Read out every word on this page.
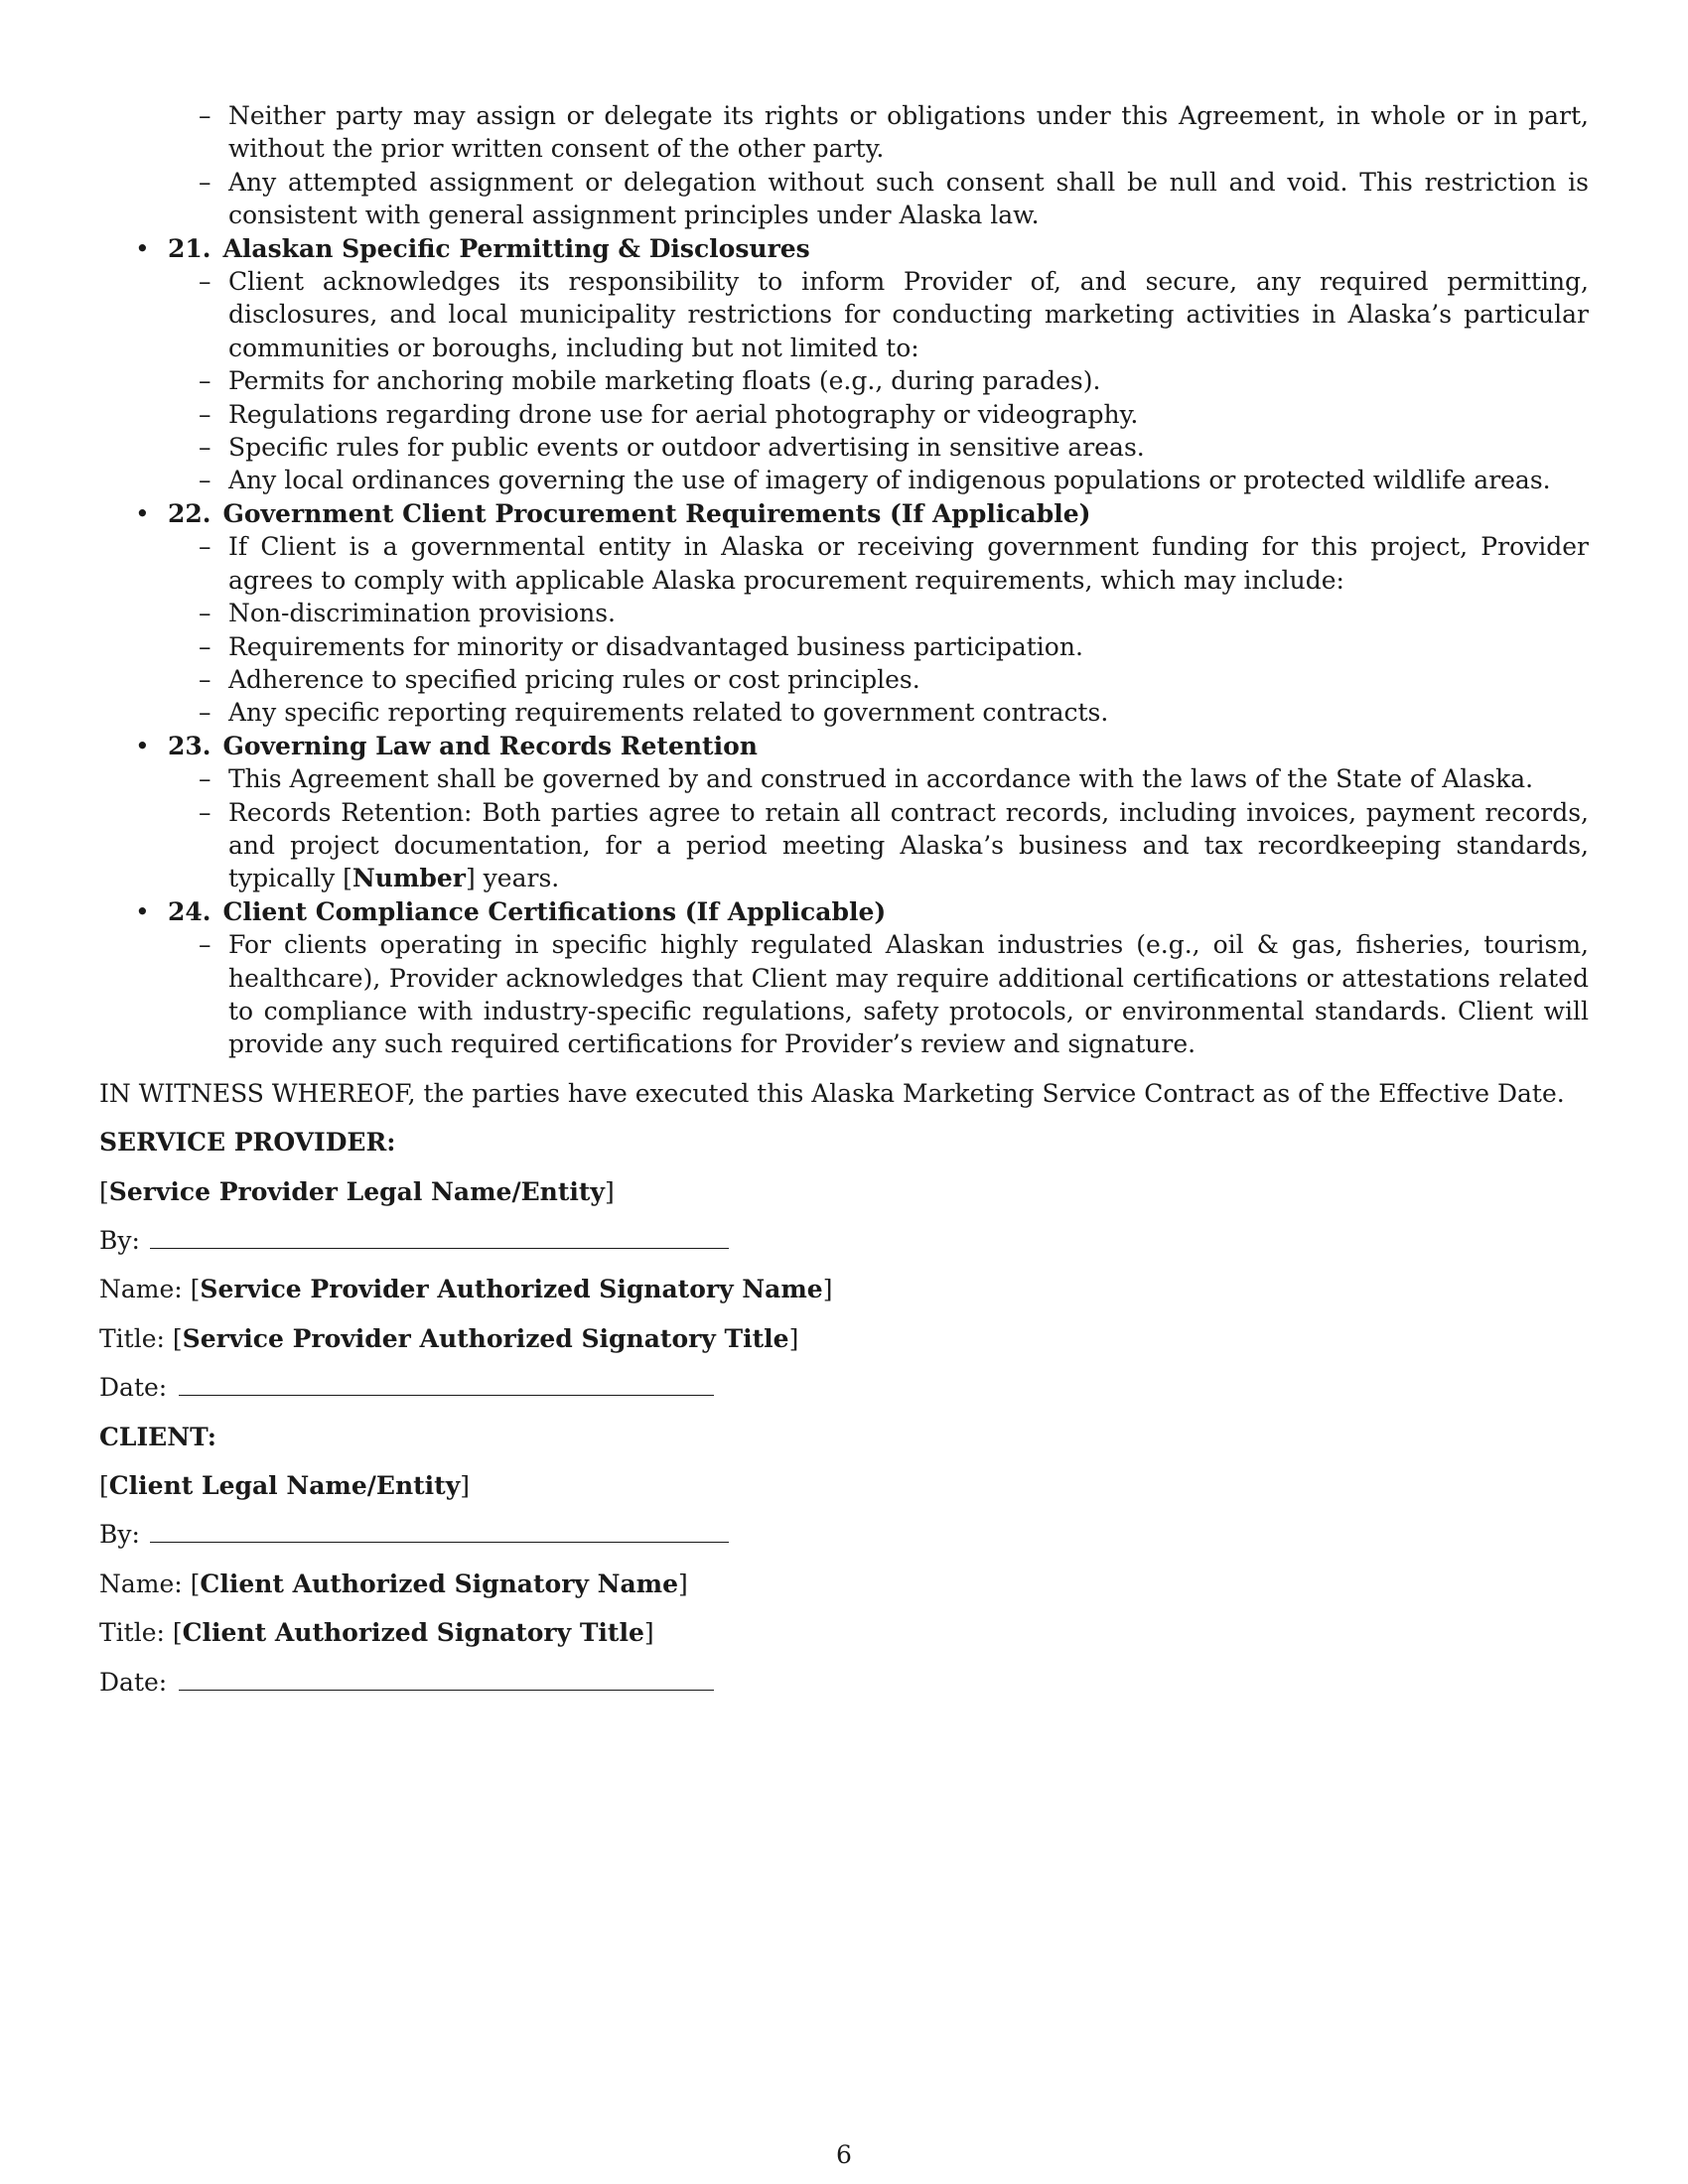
– Neither party may assign or delegate its rights or obligations under this Agreement, in whole or in part, without the prior written consent of the other party.
– Any attempted assignment or delegation without such consent shall be null and void. This restriction is consistent with general assignment principles under Alaska law.
• 21. Alaskan Specific Permitting & Disclosures
– Client acknowledges its responsibility to inform Provider of, and secure, any required permitting, disclosures, and local municipality restrictions for conducting marketing activities in Alaska’s particular communities or boroughs, including but not limited to:
– Permits for anchoring mobile marketing floats (e.g., during parades).
– Regulations regarding drone use for aerial photography or videography.
– Specific rules for public events or outdoor advertising in sensitive areas.
– Any local ordinances governing the use of imagery of indigenous populations or protected wildlife areas.
• 22. Government Client Procurement Requirements (If Applicable)
– If Client is a governmental entity in Alaska or receiving government funding for this project, Provider agrees to comply with applicable Alaska procurement requirements, which may include:
– Non-discrimination provisions.
– Requirements for minority or disadvantaged business participation.
– Adherence to specified pricing rules or cost principles.
– Any specific reporting requirements related to government contracts.
• 23. Governing Law and Records Retention
– This Agreement shall be governed by and construed in accordance with the laws of the State of Alaska.
– Records Retention: Both parties agree to retain all contract records, including invoices, payment records, and project documentation, for a period meeting Alaska’s business and tax recordkeeping standards, typically [Number] years.
• 24. Client Compliance Certifications (If Applicable)
– For clients operating in specific highly regulated Alaskan industries (e.g., oil & gas, fisheries, tourism, healthcare), Provider acknowledges that Client may require additional certifications or attestations related to compliance with industry-specific regulations, safety protocols, or environmental standards. Client will provide any such required certifications for Provider’s review and signature.
IN WITNESS WHEREOF, the parties have executed this Alaska Marketing Service Contract as of the Effective Date.
SERVICE PROVIDER:
[Service Provider Legal Name/Entity]
By:
Name: [Service Provider Authorized Signatory Name]
Title: [Service Provider Authorized Signatory Title]
Date:
CLIENT:
[Client Legal Name/Entity]
By:
Name: [Client Authorized Signatory Name]
Title: [Client Authorized Signatory Title]
Date:
6
